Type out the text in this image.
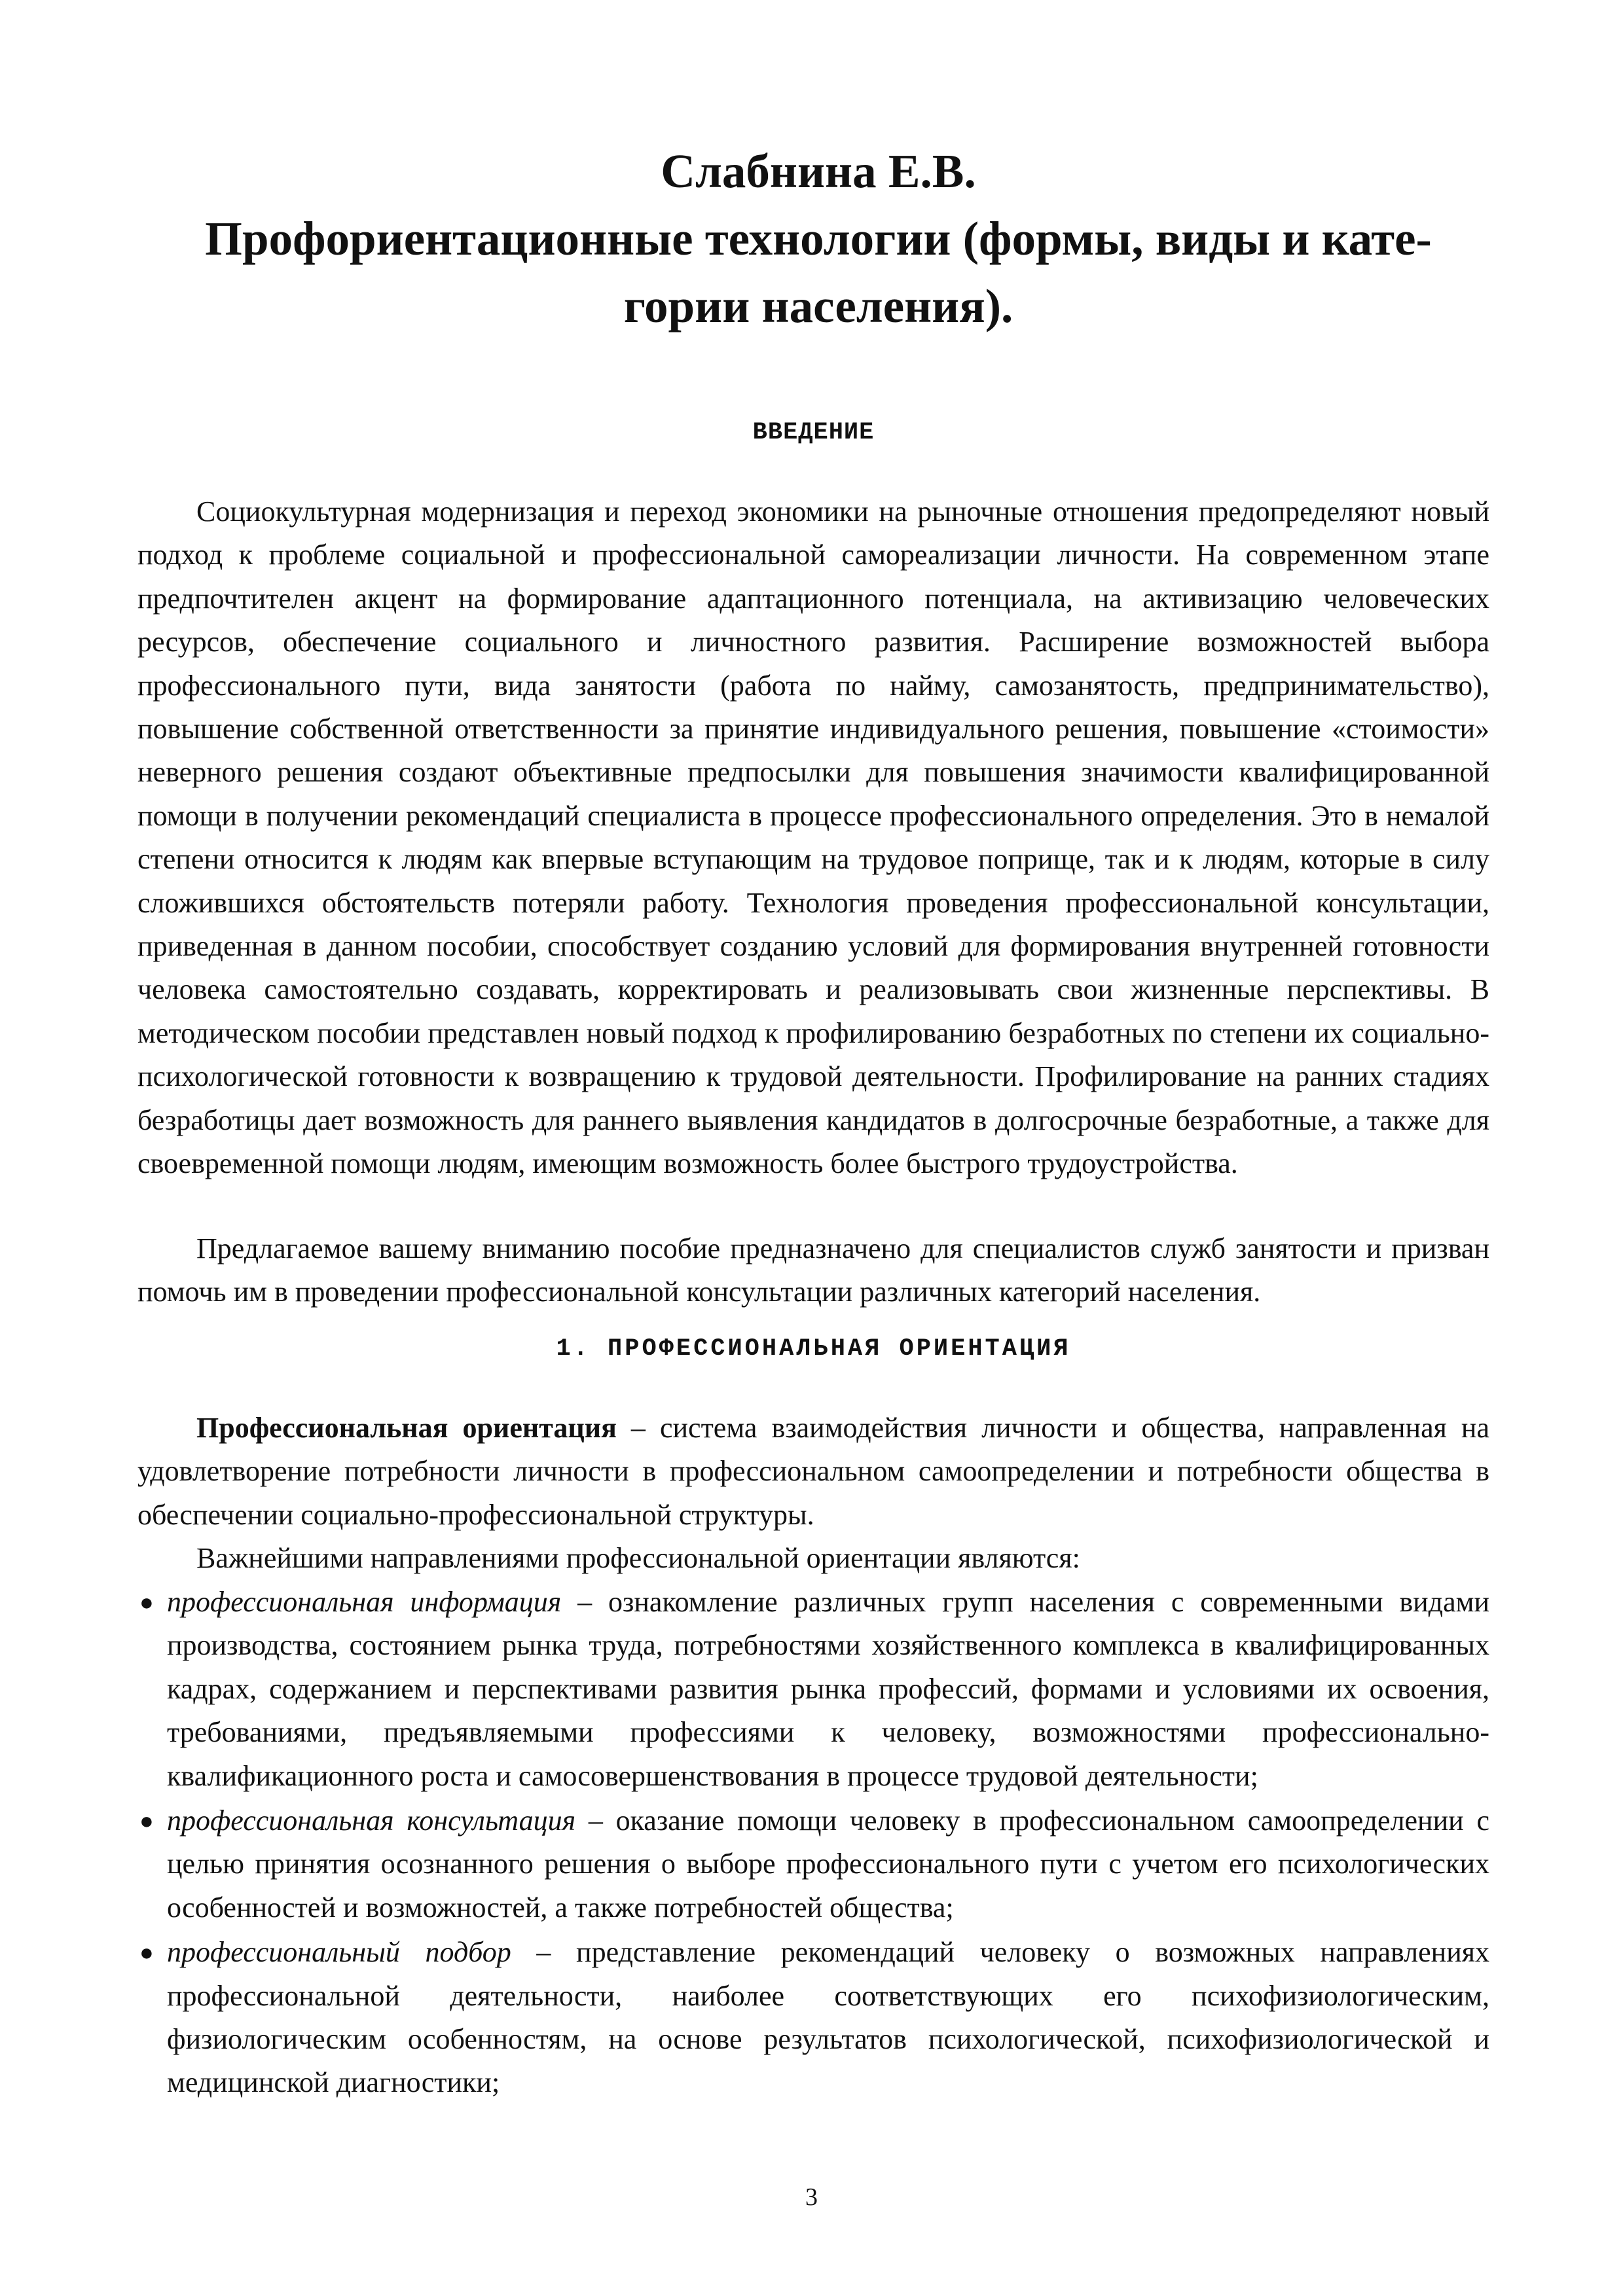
Слабнина Е.В.
Профориентационные технологии (формы, виды и кате-
гории населения).
ВВЕДЕНИЕ

Социокультурная модернизация и переход экономики на рыночные отношения предопределяют новый подход к проблеме социальной и профессиональной самореализации личности. На современном этапе предпочтителен акцент на формирование адаптационного потенциала, на активизацию человеческих ресурсов, обеспечение социального и личностного развития. Расширение возможностей выбора профессионального пути, вида занятости (работа по найму, самозанятость, предпринимательство), повышение собственной ответственности за принятие индивидуального решения, повышение «стоимости» неверного решения создают объективные предпосылки для повышения значимости квалифицированной помощи в получении рекомендаций специалиста в процессе профессионального определения. Это в немалой степени относится к людям как впервые вступающим на трудовое поприще, так и к людям, которые в силу сложившихся обстоятельств потеряли работу. Технология проведения профессиональной консультации, приведенная в данном пособии, способствует созданию условий для формирования внутренней готовности человека самостоятельно создавать, корректировать и реализовывать свои жизненные перспективы. В методическом пособии представлен новый подход к профилированию безработных по степени их социально-психологической готовности к возвращению к трудовой деятельности. Профилирование на ранних стадиях безработицы дает возможность для раннего выявления кандидатов в долгосрочные безработные, а также для своевременной помощи людям, имеющим возможность более быстрого трудоустройства.

Предлагаемое вашему вниманию пособие предназначено для специалистов служб занятости и призван помочь им в проведении профессиональной консультации различных категорий населения.

1. ПРОФЕССИОНАЛЬНАЯ ОРИЕНТАЦИЯ

Профессиональная ориентация – система взаимодействия личности и общества, направленная на удовлетворение потребности личности в профессиональном самоопределении и потребности общества в обеспечении социально-профессиональной структуры.

Важнейшими направлениями профессиональной ориентации являются:

● профессиональная информация – ознакомление различных групп населения с современными видами производства, состоянием рынка труда, потребностями хозяйственного комплекса в квалифицированных кадрах, содержанием и перспективами развития рынка профессий, формами и условиями их освоения, требованиями, предъявляемыми профессиями к человеку, возможностями профессионально-квалификационного роста и самосовершенствования в процессе трудовой деятельности;
● профессиональная консультация – оказание помощи человеку в профессиональном самоопределении с целью принятия осознанного решения о выборе профессионального пути с учетом его психологических особенностей и возможностей, а также потребностей общества;
● профессиональный подбор – представление рекомендаций человеку о возможных направлениях профессиональной деятельности, наиболее соответствующих его психофизиологическим, физиологическим особенностям, на основе результатов психологической, психофизиологической и медицинской диагностики;
3
